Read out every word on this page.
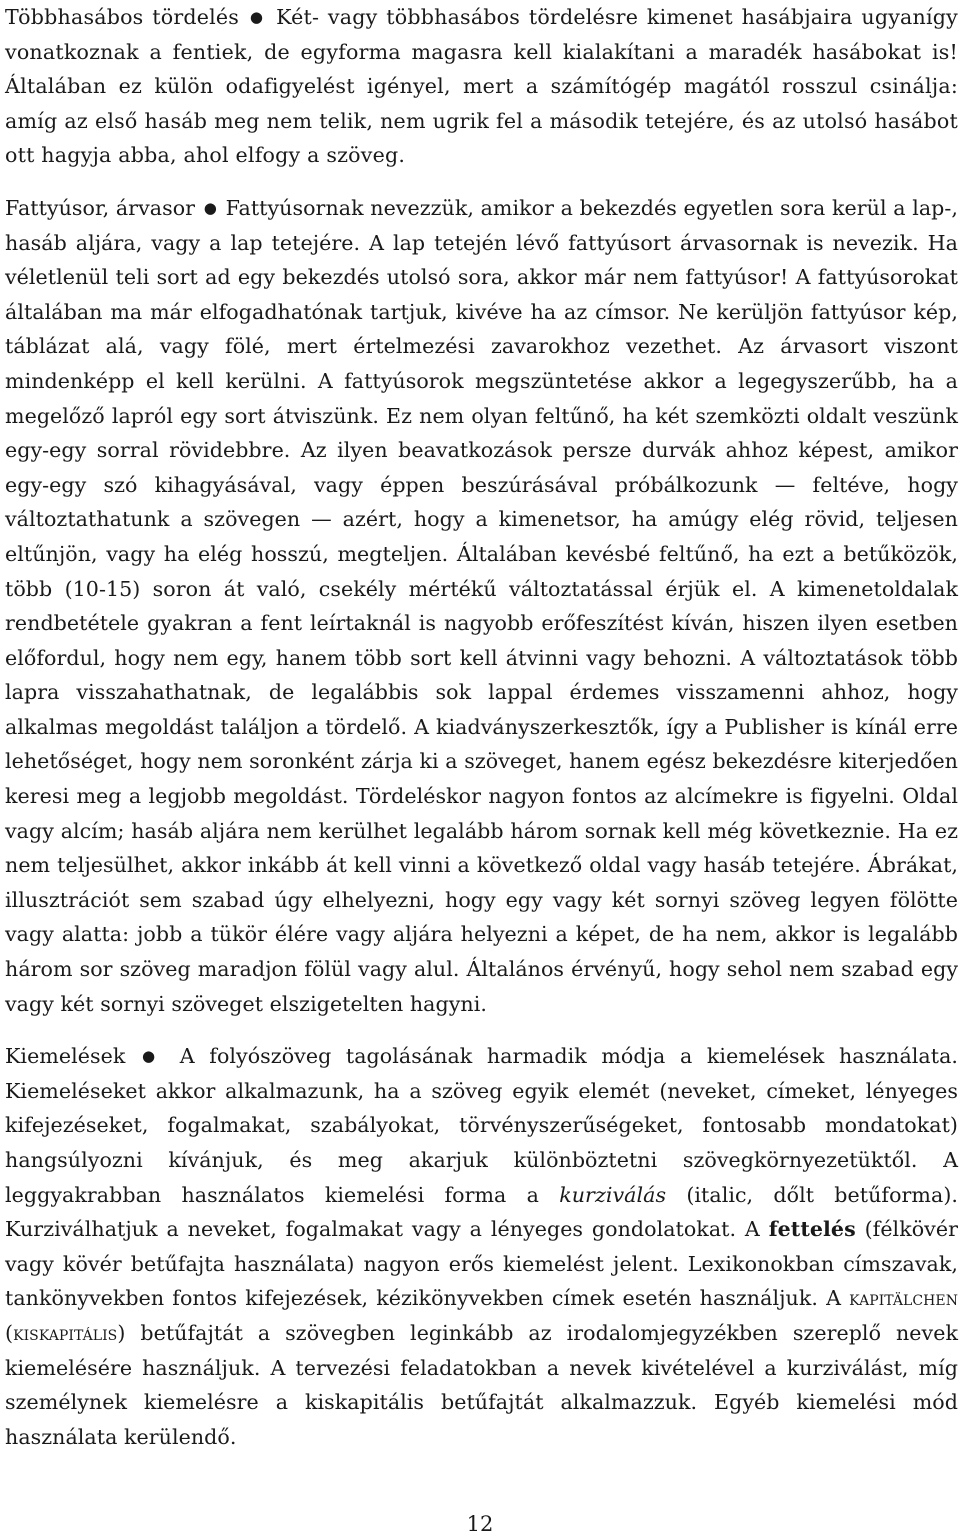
Többhasábos tördelés ● Két- vagy többhasábos tördelésre kimenet hasábjaira ugyanígy vonatkoznak a fentiek, de egyforma magasra kell kialakítani a maradék hasábokat is! Általában ez külön odafigyelést igényel, mert a számítógép magától rosszul csinálja: amíg az első hasáb meg nem telik, nem ugrik fel a második tetejére, és az utolsó hasábot ott hagyja abba, ahol elfogy a szöveg.

Fattyúsor, árvasor ● Fattyúsornak nevezzük, amikor a bekezdés egyetlen sora kerül a lap-, hasáb aljára, vagy a lap tetejére. A lap tetején lévő fattyúsort árvasornak is nevezik. Ha véletlenül teli sort ad egy bekezdés utolsó sora, akkor már nem fattyúsor! A fattyúsorokat általában ma már elfogadhatónak tartjuk, kivéve ha az címsor. Ne kerüljön fattyúsor kép, táblázat alá, vagy fölé, mert értelmezési zavarokhoz vezethet. Az árvasort viszont mindenképp el kell kerülni. A fattyúsorok megszüntetése akkor a legegyszerűbb, ha a megelőző lapról egy sort átviszünk. Ez nem olyan feltűnő, ha két szemközti oldalt veszünk egy-egy sorral rövidebbre. Az ilyen beavatkozások persze durvák ahhoz képest, amikor egy-egy szó kihagyásával, vagy éppen beszúrásával próbálkozunk — feltéve, hogy változtathatunk a szövegen — azért, hogy a kimenetsor, ha amúgy elég rövid, teljesen eltűnjön, vagy ha elég hosszú, megteljen. Általában kevésbé feltűnő, ha ezt a betűközök, több (10-15) soron át való, csekély mértékű változtatással érjük el. A kimenetoldalak rendbetétele gyakran a fent leírtaknál is nagyobb erőfeszítést kíván, hiszen ilyen esetben előfordul, hogy nem egy, hanem több sort kell átvinni vagy behozni. A változtatások több lapra visszahathatnak, de legalábbis sok lappal érdemes visszamenni ahhoz, hogy alkalmas megoldást találjon a tördelő. A kiadványszerkesztők, így a Publisher is kínál erre lehetőséget, hogy nem soronként zárja ki a szöveget, hanem egész bekezdésre kiterjedően keresi meg a legjobb megoldást. Tördeléskor nagyon fontos az alcímekre is figyelni. Oldal vagy alcím; hasáb aljára nem kerülhet legalább három sornak kell még következnie. Ha ez nem teljesülhet, akkor inkább át kell vinni a következő oldal vagy hasáb tetejére. Ábrákat, illusztrációt sem szabad úgy elhelyezni, hogy egy vagy két sornyi szöveg legyen fölötte vagy alatta: jobb a tükör élére vagy aljára helyezni a képet, de ha nem, akkor is legalább három sor szöveg maradjon fölül vagy alul. Általános érvényű, hogy sehol nem szabad egy vagy két sornyi szöveget elszigetelten hagyni.

Kiemelések ● A folyószöveg tagolásának harmadik módja a kiemelések használata. Kiemeléseket akkor alkalmazunk, ha a szöveg egyik elemét (neveket, címeket, lényeges kifejezéseket, fogalmakat, szabályokat, törvényszerűségeket, fontosabb mondatokat) hangsúlyozni kívánjuk, és meg akarjuk különböztetni szövegkörnyezetüktől. A leggyakrabban használatos kiemelési forma a kurziválás (italic, dőlt betűforma). Kurziválhatjuk a neveket, fogalmakat vagy a lényeges gondolatokat. A fettelés (félkövér vagy kövér betűfajta használata) nagyon erős kiemelést jelent. Lexikonokban címszavak, tankönyvekben fontos kifejezések, kézikönyvekben címek esetén használjuk. A kapitälchen (kiskapitális) betűfajtát a szövegben leginkább az irodalomjegyzékben szereplő nevek kiemelésére használjuk. A tervezési feladatokban a nevek kivételével a kurziválást, míg személynek kiemelésre a kiskapitális betűfajtát alkalmazzuk. Egyéb kiemelési mód használata kerülendő.

12
